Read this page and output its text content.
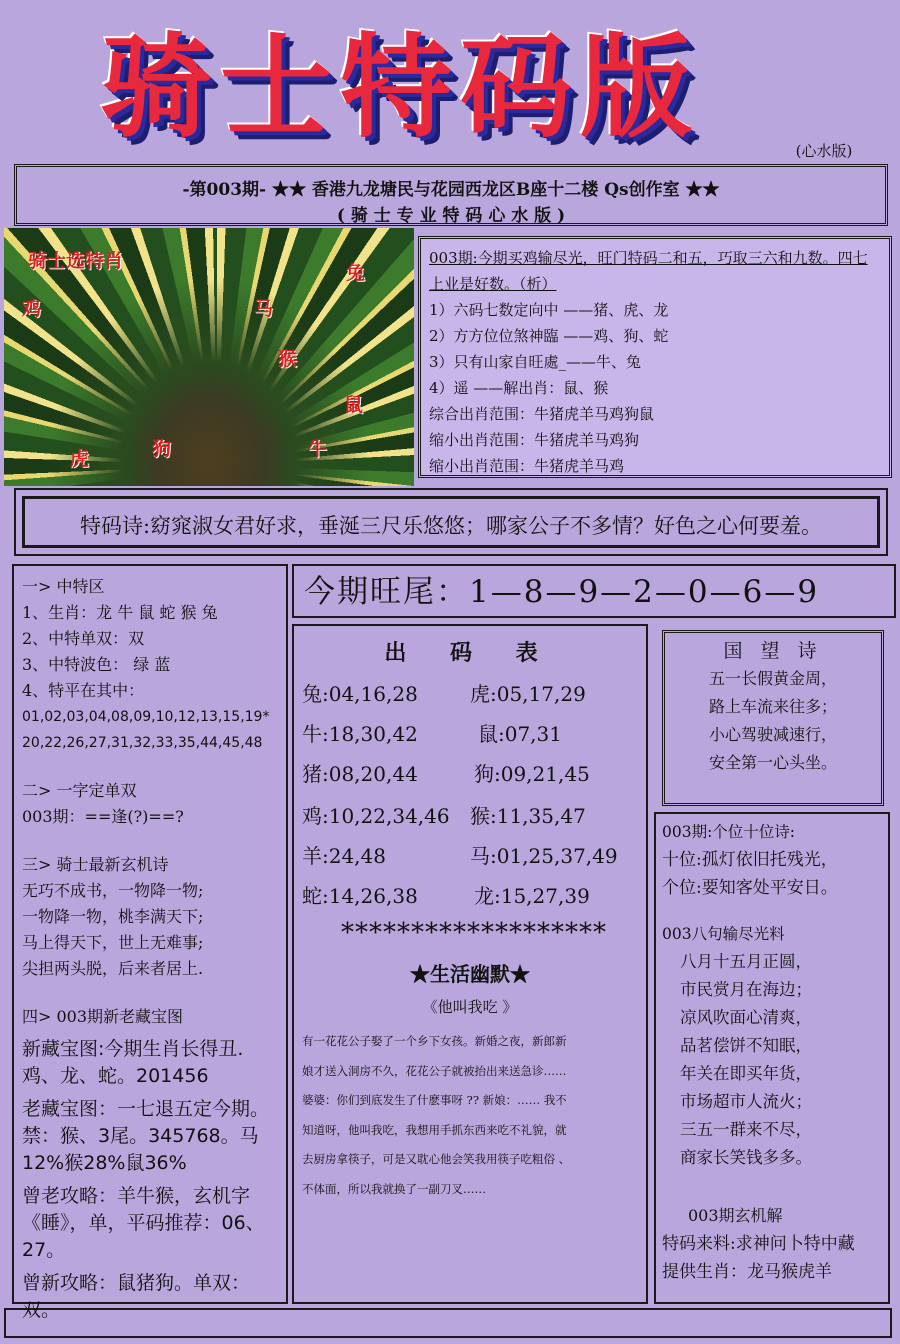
骑士特码版	(心水版)
-第003期- ★★ 香港九龙塘民与花园西龙区B座十二楼 Qs创作室 ★★
( 骑 士 专 业 特 码 心 水 版 )
骑士选特肖
兔
鸡	马
猴
鼠
狗
虎	牛

003期:今期买鸡输尽光，旺门特码二和五，巧取三六和九数。四七上业是好数。（析）

1）六码七数定向中 ——猪、虎、龙

2）方方位位煞神臨 ——鸡、狗、蛇

3）只有山家自旺處_——牛、兔

4）遥 ——解出肖：鼠、猴

综合出肖范围：牛猪虎羊马鸡狗鼠

缩小出肖范围：牛猪虎羊马鸡狗

缩小出肖范围：牛猪虎羊马鸡

特码诗:窈窕淑女君好求，垂涎三尺乐悠悠；哪家公子不多情？好色之心何要羞。

一> 中特区

1、生肖：龙 牛 鼠 蛇 猴 兔

2、中特单双：双

3、中特波色： 绿 蓝

4、特平在其中：

01,02,03,04,08,09,10,12,13,15,19*

20,22,26,27,31,32,33,35,44,45,48

二> 一字定单双

003期：==逢(?)==?

三> 骑士最新玄机诗

无巧不成书，一物降一物;

一物降一物，桃李满天下;

马上得天下，世上无难事;

尖担两头脱，后来者居上.

四> 003期新老藏宝图

新藏宝图:今期生肖长得丑.鸡、龙、蛇。201456

老藏宝图：一七退五定今期。禁：猴、3尾。345768。马12%猴28%鼠36%

曾老攻略：羊牛猴，玄机字《睡》，单，平码推荐：06、27。

曾新攻略：鼠猪狗。单双：双。

今期旺尾：1—8—9—2—0—6—9
出 码 表
兔:04,16,28	虎:05,17,29
牛:18,30,42	鼠:07,31
猪:08,20,44	狗:09,21,45
鸡:10,22,34,46 猴:11,35,47
羊:24,48	马:01,25,37,49
蛇:14,26,38	龙:15,27,39
*******************
★生活幽默★
《他叫我吃 》

有一花花公子娶了一个乡下女孩。新婚之夜，新郎新

娘才送入洞房不久，花花公子就被抬出来送急诊……

婆婆：你们到底发生了什麽事呀 ?? 新娘：…… 我不

知道呀，他叫我吃，我想用手抓东西来吃不礼貌，就

去厨房拿筷子，可是又耽心他会笑我用筷子吃粗俗 、

不体面，所以我就换了一副刀叉……

国 望 诗
五一长假黄金周，
路上车流来往多；
小心驾驶减速行，
安全第一心头坐。

003期:个位十位诗:

十位:孤灯依旧托残光，

个位:要知客处平安日。

003八句输尽光料

八月十五月正圆，

市民赏月在海边；

凉风吹面心清爽，

品茗偿饼不知眠，

年关在即买年货，

市场超市人流火；

三五一群来不尽，

商家长笑钱多多。

003期玄机解

特码来料:求神问卜特中藏

提供生肖：龙马猴虎羊
